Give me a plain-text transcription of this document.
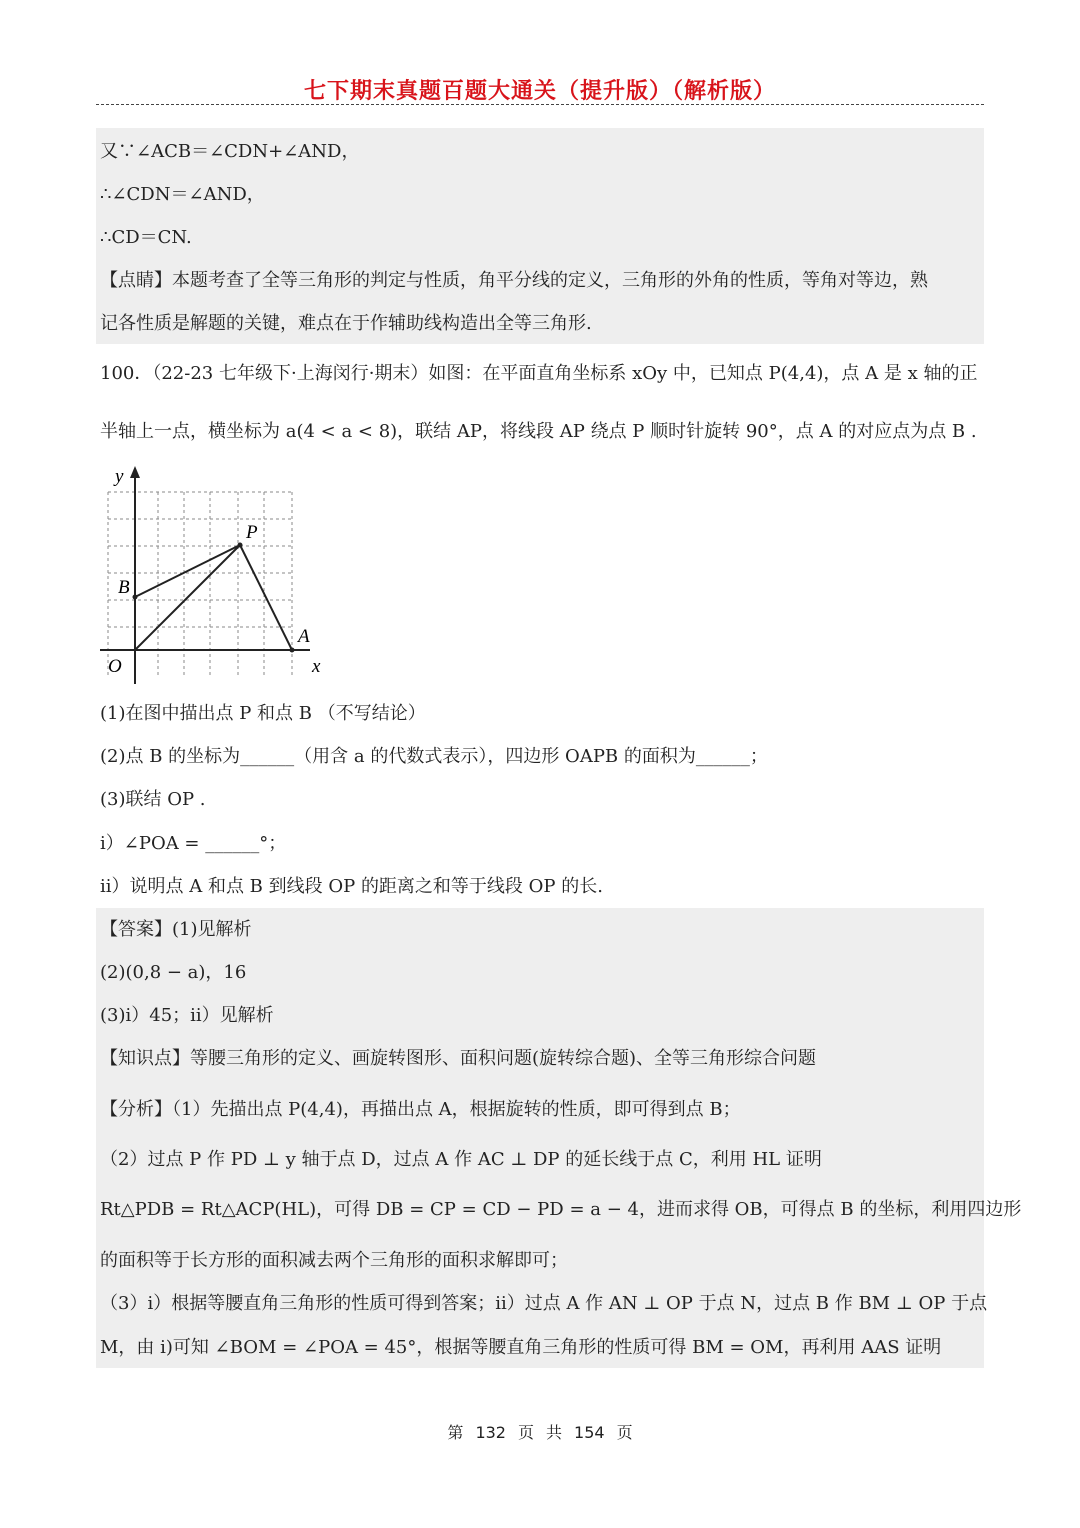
七下期末真题百题大通关（提升版）（解析版）
又∵∠ACB＝∠CDN+∠AND，
∴∠CDN＝∠AND，
∴CD＝CN.
【点睛】本题考查了全等三角形的判定与性质，角平分线的定义，三角形的外角的性质，等角对等边，熟
记各性质是解题的关键，难点在于作辅助线构造出全等三角形.
100．（22-23 七年级下·上海闵行·期末）如图：在平面直角坐标系 xOy 中，已知点 P(4,4)，点 A 是 x 轴的正
半轴上一点，横坐标为 a(4 < a < 8)，联结 AP，将线段 AP 绕点 P 顺时针旋转 90°，点 A 的对应点为点 B .
y
x
O
P
A
B
(1)在图中描出点 P 和点 B （不写结论）
(2)点 B 的坐标为______（用含 a 的代数式表示），四边形 OAPB 的面积为______；
(3)联结 OP .
i）∠POA = ______°；
ii）说明点 A 和点 B 到线段 OP 的距离之和等于线段 OP 的长.
【答案】(1)见解析
(2)(0,8 − a)，16
(3)i）45；ii）见解析
【知识点】等腰三角形的定义、画旋转图形、面积问题(旋转综合题)、全等三角形综合问题
【分析】（1）先描出点 P(4,4)，再描出点 A，根据旋转的性质，即可得到点 B；
（2）过点 P 作 PD ⊥ y 轴于点 D，过点 A 作 AC ⊥ DP 的延长线于点 C，利用 HL 证明
Rt△PDB = Rt△ACP(HL)，可得 DB = CP = CD − PD = a − 4，进而求得 OB，可得点 B 的坐标，利用四边形
的面积等于长方形的面积减去两个三角形的面积求解即可；
（3）i）根据等腰直角三角形的性质可得到答案；ii）过点 A 作 AN ⊥ OP 于点 N，过点 B 作 BM ⊥ OP 于点
M，由 i)可知 ∠BOM = ∠POA = 45°，根据等腰直角三角形的性质可得 BM = OM，再利用 AAS 证明
第 132 页 共 154 页
